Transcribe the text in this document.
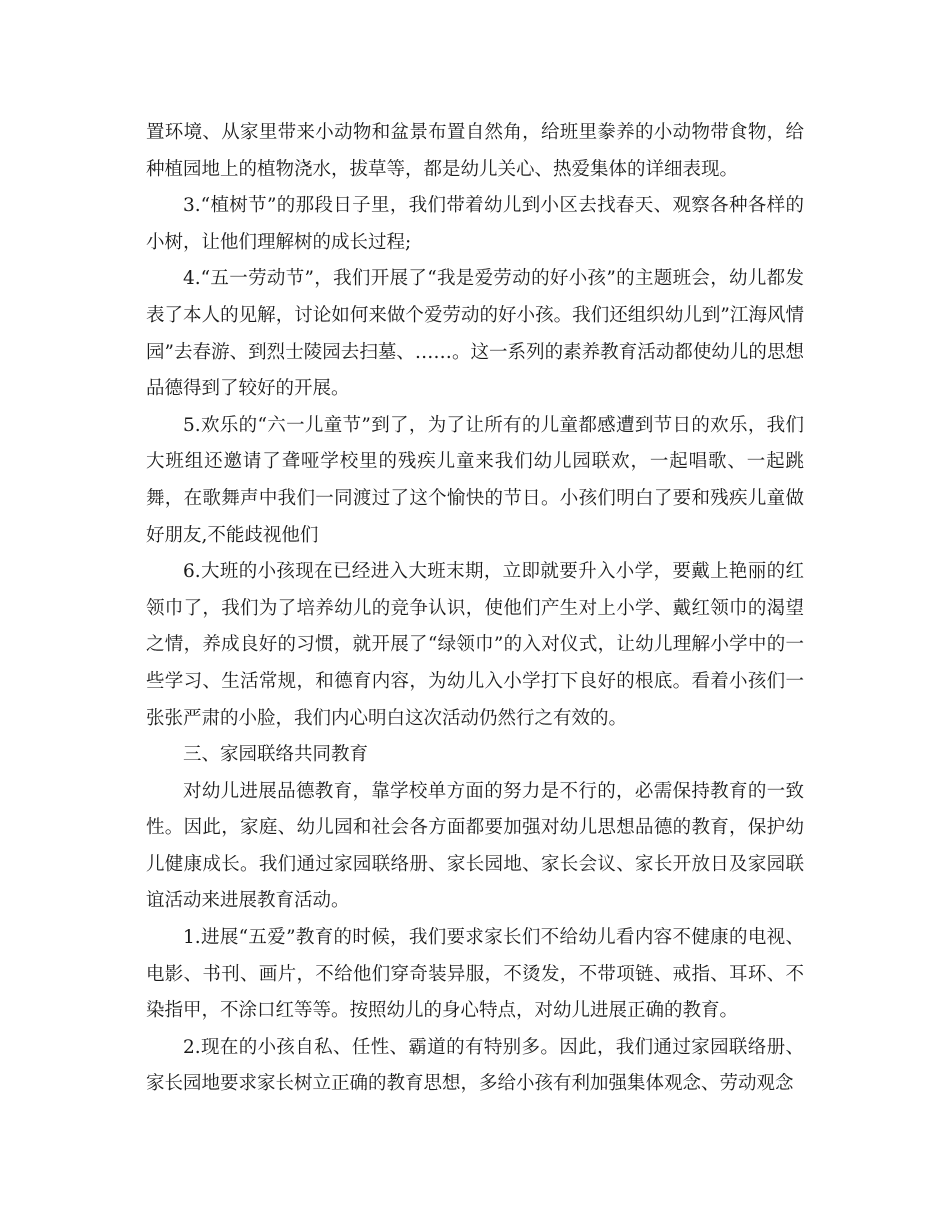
置环境、从家里带来小动物和盆景布置自然角，给班里豢养的小动物带食物，给种植园地上的植物浇水，拔草等，都是幼儿关心、热爱集体的详细表现。

3.“植树节”的那段日子里，我们带着幼儿到小区去找春天、观察各种各样的小树，让他们理解树的成长过程;

4.“五一劳动节”，我们开展了“我是爱劳动的好小孩”的主题班会，幼儿都发表了本人的见解，讨论如何来做个爱劳动的好小孩。我们还组织幼儿到”江海风情园”去春游、到烈士陵园去扫墓、……。这一系列的素养教育活动都使幼儿的思想品德得到了较好的开展。

5.欢乐的“六一儿童节”到了，为了让所有的儿童都感遭到节日的欢乐，我们大班组还邀请了聋哑学校里的残疾儿童来我们幼儿园联欢，一起唱歌、一起跳舞，在歌舞声中我们一同渡过了这个愉快的节日。小孩们明白了要和残疾儿童做好朋友,不能歧视他们

6.大班的小孩现在已经进入大班末期，立即就要升入小学，要戴上艳丽的红领巾了，我们为了培养幼儿的竞争认识，使他们产生对上小学、戴红领巾的渴望之情，养成良好的习惯，就开展了“绿领巾”的入对仪式，让幼儿理解小学中的一些学习、生活常规，和德育内容，为幼儿入小学打下良好的根底。看着小孩们一张张严肃的小脸，我们内心明白这次活动仍然行之有效的。

三、家园联络共同教育

对幼儿进展品德教育，靠学校单方面的努力是不行的，必需保持教育的一致性。因此，家庭、幼儿园和社会各方面都要加强对幼儿思想品德的教育，保护幼儿健康成长。我们通过家园联络册、家长园地、家长会议、家长开放日及家园联谊活动来进展教育活动。

1.进展“五爱”教育的时候，我们要求家长们不给幼儿看内容不健康的电视、电影、书刊、画片，不给他们穿奇装异服，不烫发，不带项链、戒指、耳环、不染指甲，不涂口红等等。按照幼儿的身心特点，对幼儿进展正确的教育。

2.现在的小孩自私、任性、霸道的有特别多。因此，我们通过家园联络册、家长园地要求家长树立正确的教育思想，多给小孩有利加强集体观念、劳动观念
